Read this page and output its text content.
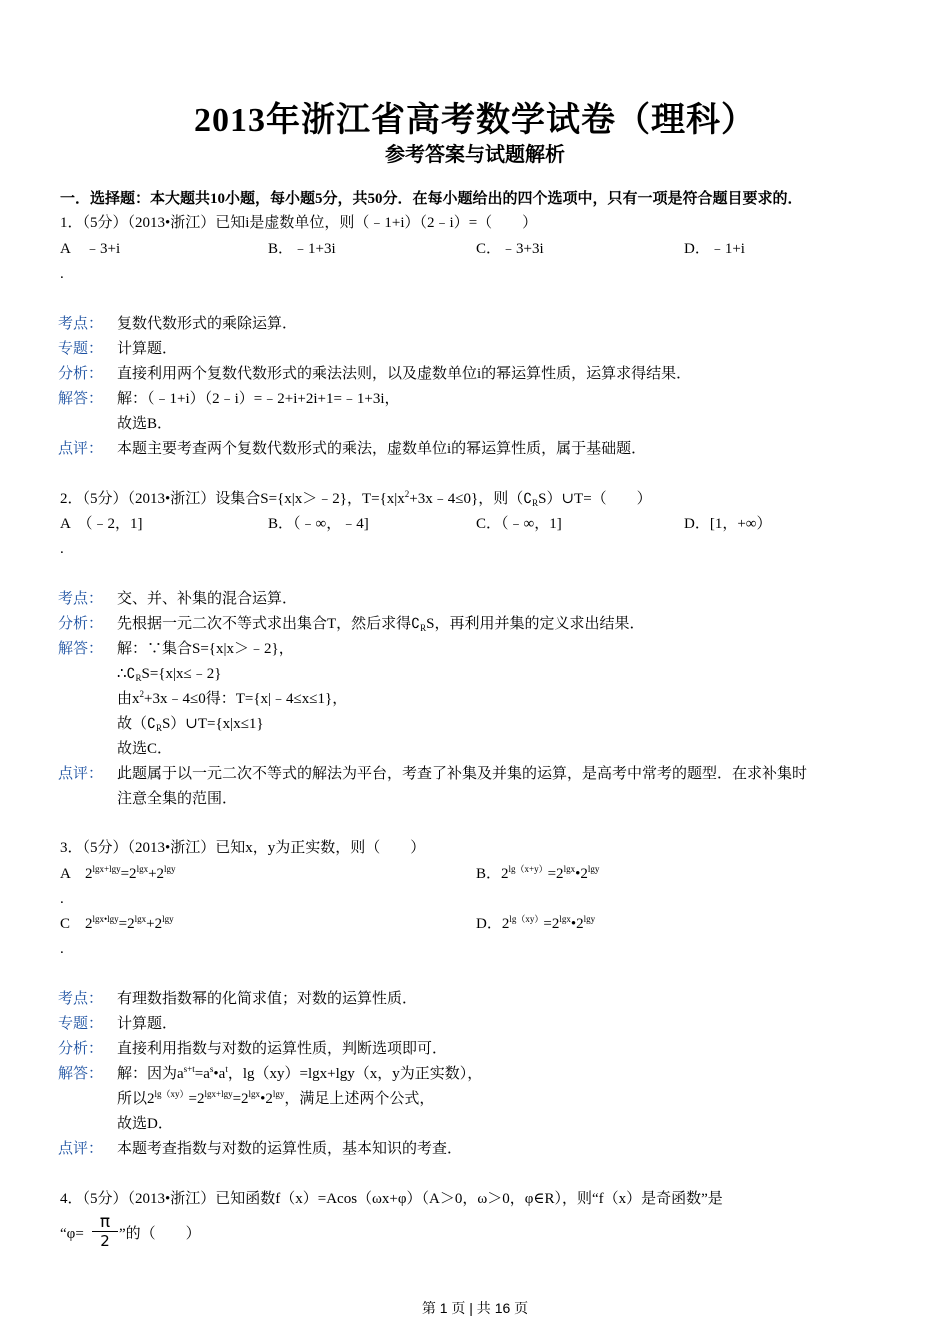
2013年浙江省高考数学试卷（理科）
参考答案与试题解析
一．选择题：本大题共10小题，每小题5分，共50分．在每小题给出的四个选项中，只有一项是符合题目要求的．
1．（5分）（2013•浙江）已知i是虚数单位，则（﹣1+i）（2﹣i）=（　　）
A　﹣3+i	B．﹣1+3i	C．﹣3+3i	D．﹣1+i
.
考点： 复数代数形式的乘除运算．
专题： 计算题．
分析： 直接利用两个复数代数形式的乘法法则，以及虚数单位i的幂运算性质，运算求得结果．
解答： 解：（﹣1+i）（2﹣i）=﹣2+i+2i+1=﹣1+3i，
故选B．
点评： 本题主要考查两个复数代数形式的乘法，虚数单位i的幂运算性质，属于基础题．
2．（5分）（2013•浙江）设集合S={x|x＞﹣2}，$T=\{x|x^2+3x﹣4\le 0\}$，则$(∁_RS)\cup T=$（　　）
A　（﹣2，1]	B．（﹣∞，﹣4]	C．（﹣∞，1]	D．[1，+∞）
.
考点： 交、并、补集的混合运算．
分析： 先根据一元二次不等式求出集合T，然后求得$∁_RS$，再利用并集的定义求出结果．
解答： 解：∵集合S={x|x＞﹣2}，
$\therefore∁_RS=\{x|x\le﹣2\}$
由$x^2+3x﹣4\le 0$得：T={x|﹣4≤x≤1}，
故$(∁_RS)\cup T=\{x|x\le 1\}$
故选C．
点评： 此题属于以一元二次不等式的解法为平台，考查了补集及并集的运算，是高考中常考的题型．在求补集时
注意全集的范围．
3．（5分）（2013•浙江）已知x，y为正实数，则（　　）
A　$2^{lgx+lgy}=2^{lgx}+2^{lgy}$	B．$2^{lg(x+y)}=2^{lgx}•2^{lgy}$
.
C　$2^{lgx•lgy}=2^{lgx}+2^{lgy}$	D．$2^{lg(xy)}=2^{lgx}•2^{lgy}$
.
考点： 有理数指数幂的化简求值；对数的运算性质．
专题： 计算题．
分析： 直接利用指数与对数的运算性质，判断选项即可．
解答： 解：因为$a^{s+t}=a^s•a^t$，lg（xy）=lgx+lgy（x，y为正实数），
所以$2^{lg(xy)}=2^{lgx+lgy}=2^{lgx}•2^{lgy}$，满足上述两个公式，
故选D．
点评： 本题考查指数与对数的运算性质，基本知识的考查．
4．（5分）（2013•浙江）已知函数f（x）=Acos（ωx+φ）（A＞0，ω＞0，φ∈R），则“f（x）是奇函数”是
“φ=
π
2 ”的（　　）
第 1 页 | 共 16 页
